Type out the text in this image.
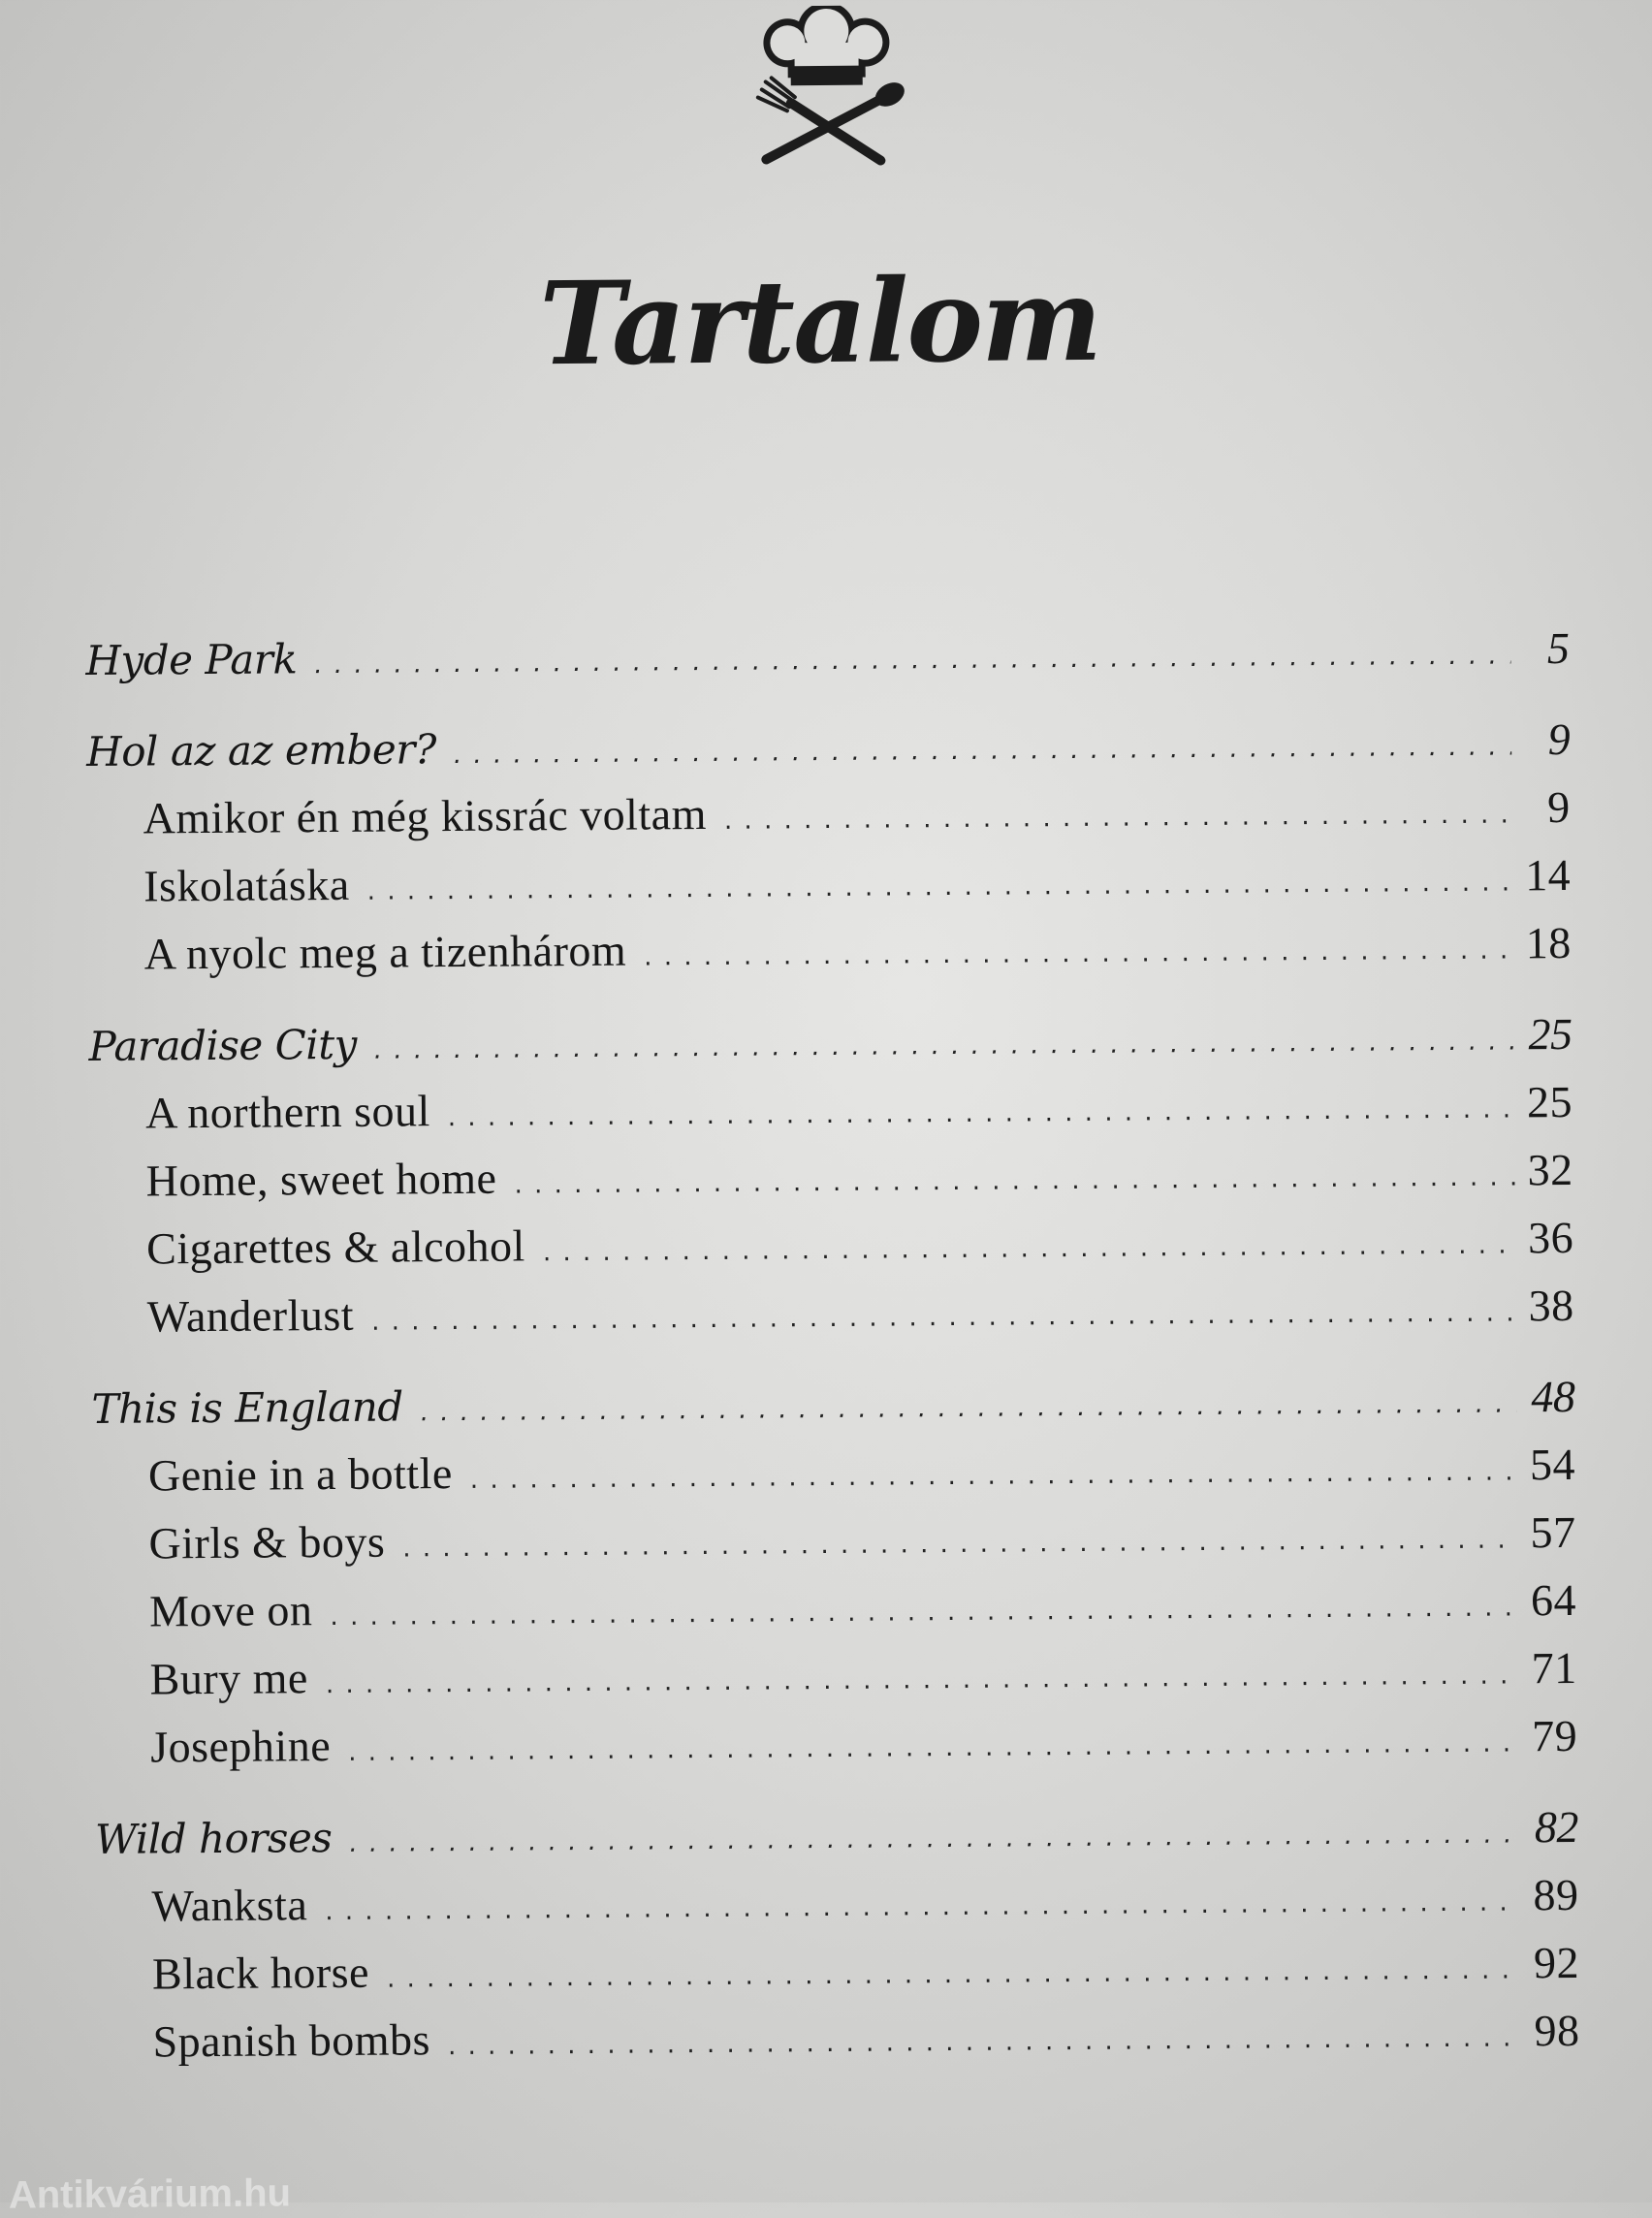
Tartalom
Hyde Park . . .	5
Hol az az ember? . . .	9
Amikor én még kissrác voltam . . .	9
Iskolatáska . . .	14
A nyolc meg a tizenhárom . . .	18
Paradise City . . .	25
A northern soul . . .	25
Home, sweet home . . .	32
Cigarettes & alcohol . . .	36
Wanderlust . . .	38
This is England . . .	48
Genie in a bottle . . .	54
Girls & boys . . .	57
Move on . . .	64
Bury me . . .	71
Josephine . . .	79
Wild horses . . .	82
Wanksta . . .	89
Black horse . . .	92
Spanish bombs . . .	98
Antikvárium.hu
